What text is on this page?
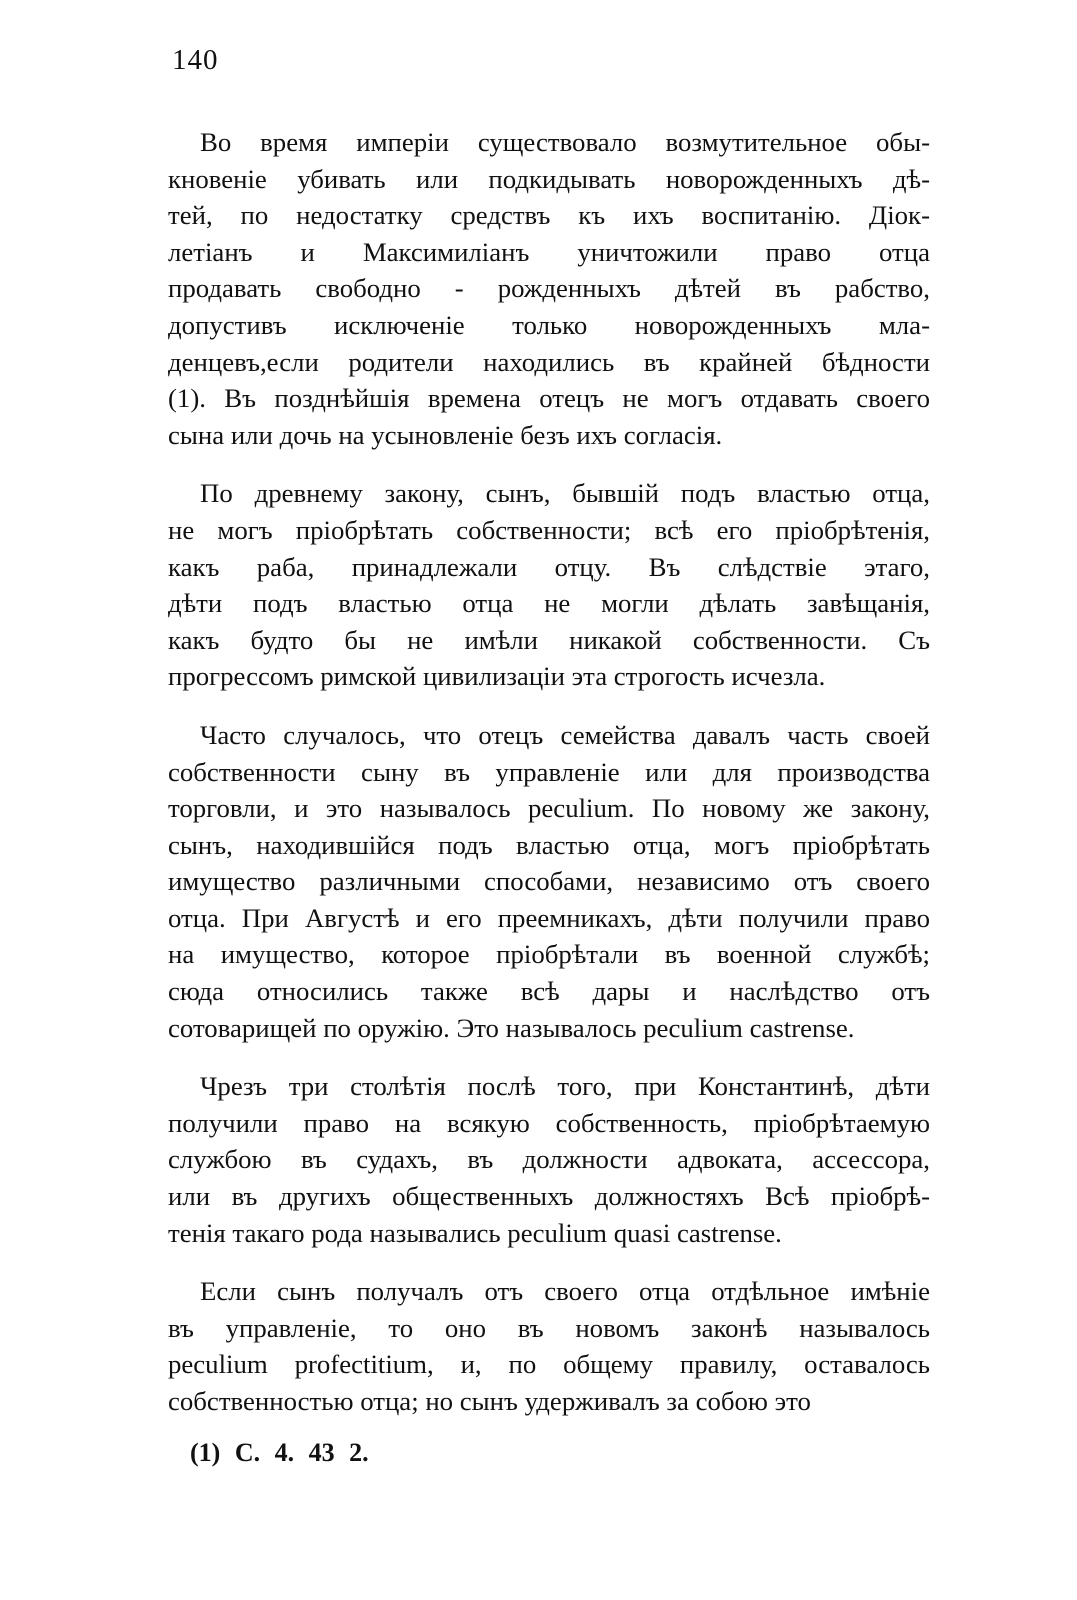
140
Во время имперіи существовало возмутительное обы-
кновеніе убивать или подкидывать новорожденныхъ дѣ-
тей, по недостатку средствъ къ ихъ воспитанію. Діок-
летіанъ и Максимиліанъ уничтожили право отца
продавать свободно - рожденныхъ дѣтей въ рабство,
допустивъ исключеніе только новорожденныхъ мла-
денцевъ,если родители находились въ крайней бѣдности
(1). Въ позднѣйшія времена отецъ не могъ отдавать своего
сына или дочь на усыновленіе безъ ихъ согласія.
По древнему закону, сынъ, бывшій подъ властью отца,
не могъ пріобрѣтать собственности; всѣ его пріобрѣтенія,
какъ раба, принадлежали отцу. Въ слѣдствіе этаго,
дѣти подъ властью отца не могли дѣлать завѣщанія,
какъ будто бы не имѣли никакой собственности. Съ
прогрессомъ римской цивилизаціи эта строгость исчезла.
Часто случалось, что отецъ семейства давалъ часть своей
собственности сыну въ управленіе или для производства
торговли, и это называлось peculium. По новому же закону,
сынъ, находившійся подъ властью отца, могъ пріобрѣтать
имущество различными способами, независимо отъ своего
отца. При Августѣ и его преемникахъ, дѣти получили право
на имущество, которое пріобрѣтали въ военной службѣ;
сюда относились также всѣ дары и наслѣдство отъ
сотоварищей по оружію. Это называлось peculium castrense.
Чрезъ три столѣтія послѣ того, при Константинѣ, дѣти
получили право на всякую собственность, пріобрѣтаемую
службою въ судахъ, въ должности адвоката, ассессора,
или въ другихъ общественныхъ должностяхъ Всѣ пріобрѣ-
тенія такаго рода назывались peculium quasi castrense.
Если сынъ получалъ отъ своего отца отдѣльное имѣніе
въ управленіе, то оно въ новомъ законѣ называлось
peculium profectitium, и, по общему правилу, оставалось
собственностью отца; но сынъ удерживалъ за собою это
(1) C. 4. 43 2.
